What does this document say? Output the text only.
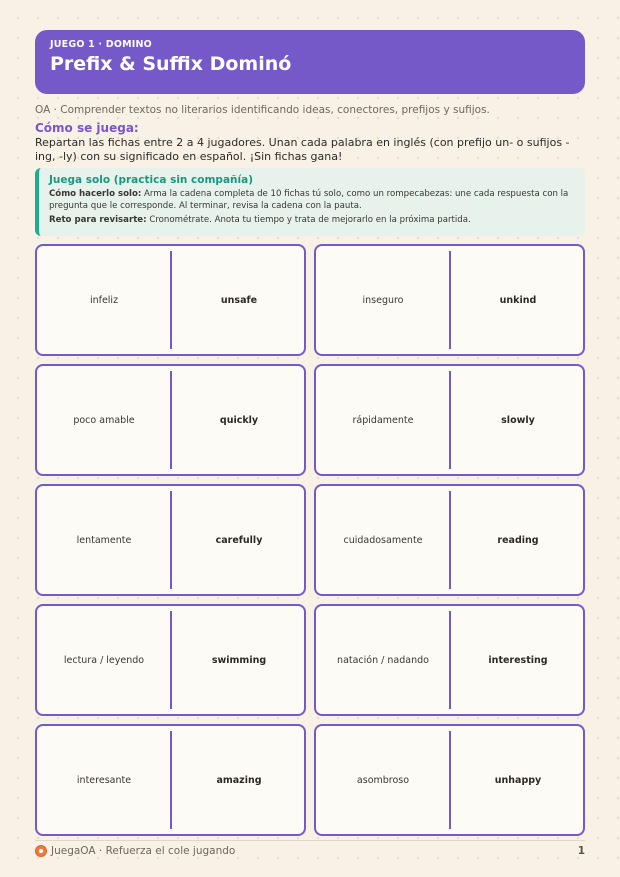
JUEGO 1 · DOMINO
Prefix & Suffix Dominó
OA · Comprender textos no literarios identificando ideas, conectores, prefijos y sufijos.
Cómo se juega:
Repartan las fichas entre 2 a 4 jugadores. Unan cada palabra en inglés (con prefijo un- o sufijos -ing, -ly) con su significado en español. ¡Sin fichas gana!
Juega solo (practica sin compañía)

Cómo hacerlo solo: Arma la cadena completa de 10 fichas tú solo, como un rompecabezas: une cada respuesta con la pregunta que le corresponde. Al terminar, revisa la cadena con la pauta.

Reto para revisarte: Cronométrate. Anota tu tiempo y trata de mejorarlo en la próxima partida.

infeliz	unsafe	inseguro	unkind
poco amable	quickly	rápidamente	slowly
lentamente	carefully	cuidadosamente	reading
lectura / leyendo	swimming	natación / nadando	interesting
interesante	amazing	asombroso	unhappy
JuegaOA · Refuerza el cole jugando	1
